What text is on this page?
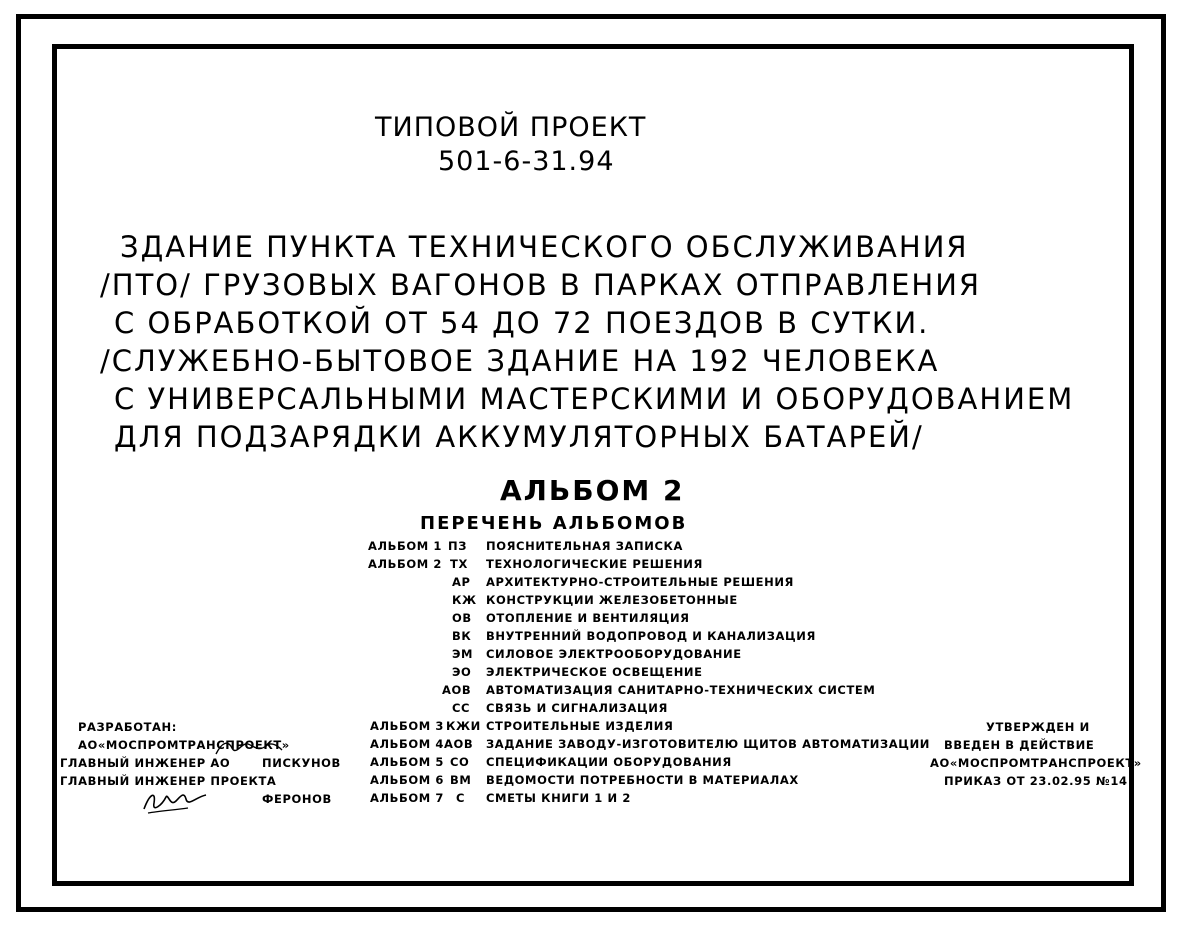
ТИПОВОЙ ПРОЕКТ
501-6-31.94
ЗДАНИЕ ПУНКТА ТЕХНИЧЕСКОГО ОБСЛУЖИВАНИЯ
/ПТО/ ГРУЗОВЫХ ВАГОНОВ В ПАРКАХ ОТПРАВЛЕНИЯ
С ОБРАБОТКОЙ ОТ 54 ДО 72 ПОЕЗДОВ В СУТКИ.
/СЛУЖЕБНО-БЫТОВОЕ ЗДАНИЕ НА 192 ЧЕЛОВЕКА
С УНИВЕРСАЛЬНЫМИ МАСТЕРСКИМИ И ОБОРУДОВАНИЕМ
ДЛЯ ПОДЗАРЯДКИ АККУМУЛЯТОРНЫХ БАТАРЕЙ/
АЛЬБОМ 2
ПЕРЕЧЕНЬ АЛЬБОМОВ
АЛЬБОМ 1 ПЗ ПОЯСНИТЕЛЬНАЯ ЗАПИСКА
АЛЬБОМ 2 ТХ ТЕХНОЛОГИЧЕСКИЕ РЕШЕНИЯ
АР АРХИТЕКТУРНО-СТРОИТЕЛЬНЫЕ РЕШЕНИЯ
КЖ КОНСТРУКЦИИ ЖЕЛЕЗОБЕТОННЫЕ
ОВ ОТОПЛЕНИЕ И ВЕНТИЛЯЦИЯ
ВК ВНУТРЕННИЙ ВОДОПРОВОД И КАНАЛИЗАЦИЯ
ЭМ СИЛОВОЕ ЭЛЕКТРООБОРУДОВАНИЕ
ЭО ЭЛЕКТРИЧЕСКОЕ ОСВЕЩЕНИЕ
АОВ АВТОМАТИЗАЦИЯ САНИТАРНО-ТЕХНИЧЕСКИХ СИСТЕМ
СС СВЯЗЬ И СИГНАЛИЗАЦИЯ
АЛЬБОМ 3 КЖИ СТРОИТЕЛЬНЫЕ ИЗДЕЛИЯ
АЛЬБОМ 4 АОВ ЗАДАНИЕ ЗАВОДУ-ИЗГОТОВИТЕЛЮ ЩИТОВ АВТОМАТИЗАЦИИ
АЛЬБОМ 5 СО СПЕЦИФИКАЦИИ ОБОРУДОВАНИЯ
АЛЬБОМ 6 ВМ ВЕДОМОСТИ ПОТРЕБНОСТИ В МАТЕРИАЛАХ
АЛЬБОМ 7 С СМЕТЫ КНИГИ 1 И 2
РАЗРАБОТАН:
АО«МОСПРОМТРАНСПРОЕКТ»
ГЛАВНЫЙ ИНЖЕНЕР АО	ПИСКУНОВ
ГЛАВНЫЙ ИНЖЕНЕР ПРОЕКТА
ФЕРОНОВ
УТВЕРЖДЕН И
ВВЕДЕН В ДЕЙСТВИЕ
АО«МОСПРОМТРАНСПРОЕКТ»
ПРИКАЗ ОТ 23.02.95 №14
